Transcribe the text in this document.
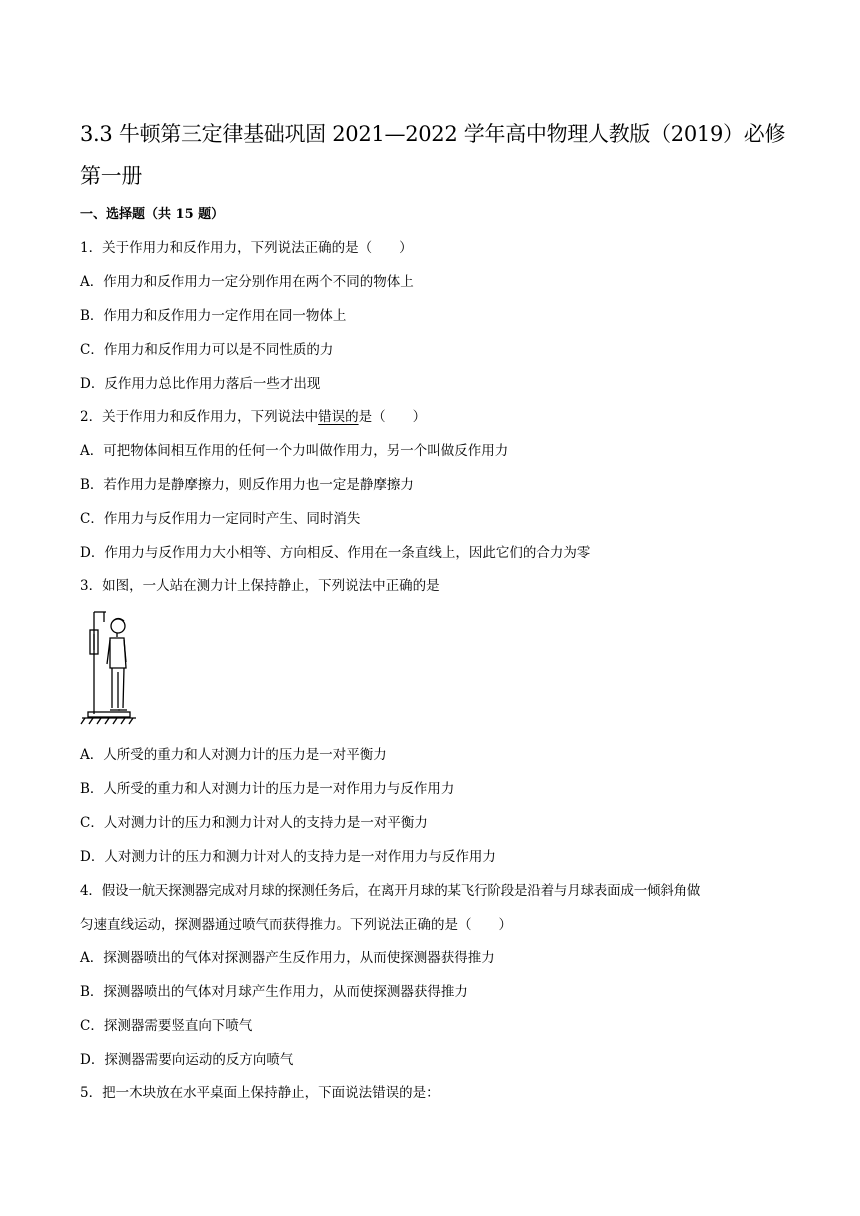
3.3 牛顿第三定律基础巩固 2021—2022 学年高中物理人教版（2019）必修第一册
一、选择题（共 15 题）

1．关于作用力和反作用力，下列说法正确的是（　　）

A．作用力和反作用力一定分别作用在两个不同的物体上

B．作用力和反作用力一定作用在同一物体上

C．作用力和反作用力可以是不同性质的力

D．反作用力总比作用力落后一些才出现

2．关于作用力和反作用力，下列说法中错误的是（　　）

A．可把物体间相互作用的任何一个力叫做作用力，另一个叫做反作用力

B．若作用力是静摩擦力，则反作用力也一定是静摩擦力

C．作用力与反作用力一定同时产生、同时消失

D．作用力与反作用力大小相等、方向相反、作用在一条直线上，因此它们的合力为零

3．如图，一人站在测力计上保持静止，下列说法中正确的是

A．人所受的重力和人对测力计的压力是一对平衡力

B．人所受的重力和人对测力计的压力是一对作用力与反作用力

C．人对测力计的压力和测力计对人的支持力是一对平衡力

D．人对测力计的压力和测力计对人的支持力是一对作用力与反作用力

4．假设一航天探测器完成对月球的探测任务后，在离开月球的某飞行阶段是沿着与月球表面成一倾斜角做

匀速直线运动，探测器通过喷气而获得推力。下列说法正确的是（　　）

A．探测器喷出的气体对探测器产生反作用力，从而使探测器获得推力

B．探测器喷出的气体对月球产生作用力，从而使探测器获得推力

C．探测器需要竖直向下喷气

D．探测器需要向运动的反方向喷气

5．把一木块放在水平桌面上保持静止，下面说法错误的是：
